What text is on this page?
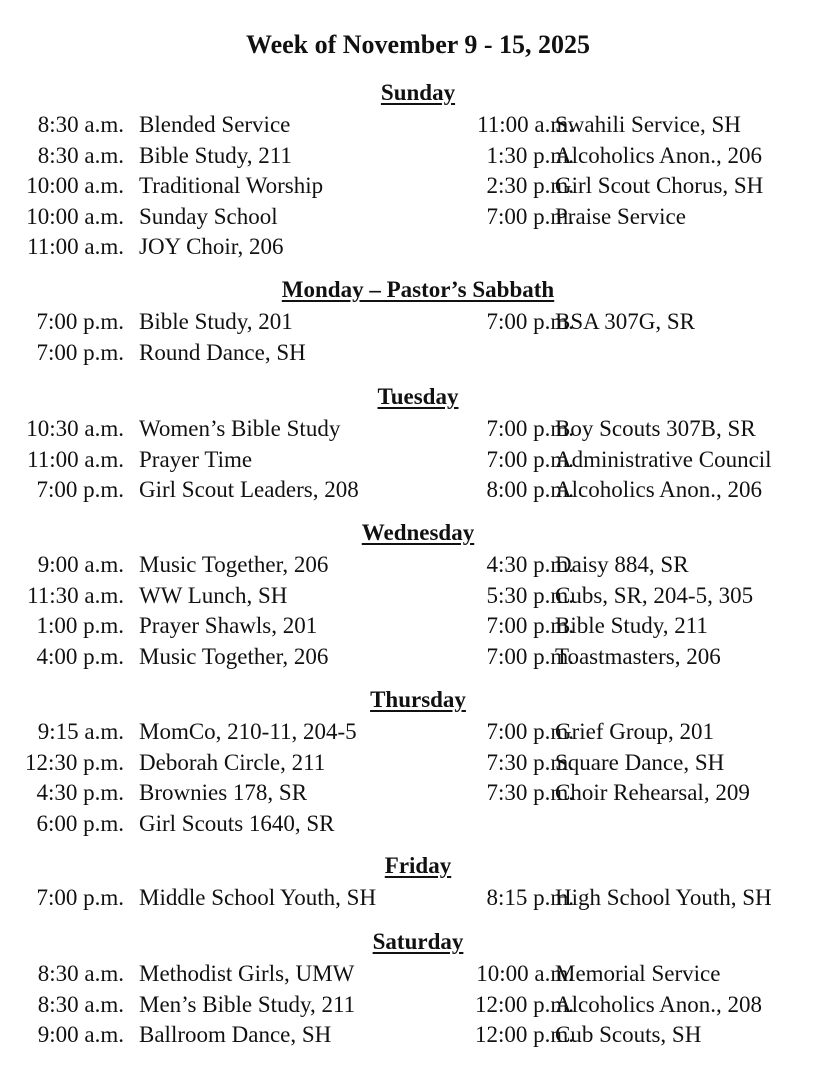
Week of November 9 - 15, 2025
Sunday
8:30 a.m. Blended Service
8:30 a.m. Bible Study, 211
10:00 a.m. Traditional Worship
10:00 a.m. Sunday School
11:00 a.m. JOY Choir, 206
11:00 a.m.
Swahili Service, SH
1:30 p.m.
Alcoholics Anon., 206
2:30 p.m.
Girl Scout Chorus, SH
7:00 p.m.
Praise Service
Monday – Pastor’s Sabbath
7:00 p.m. Bible Study, 201
7:00 p.m. Round Dance, SH
7:00 p.m.
BSA 307G, SR
Tuesday
10:30 a.m. Women’s Bible Study
11:00 a.m. Prayer Time
7:00 p.m. Girl Scout Leaders, 208
7:00 p.m.
Boy Scouts 307B, SR
7:00 p.m.
Administrative Council
8:00 p.m.
Alcoholics Anon., 206
Wednesday
9:00 a.m. Music Together, 206
11:30 a.m. WW Lunch, SH
1:00 p.m. Prayer Shawls, 201
4:00 p.m. Music Together, 206
4:30 p.m.
Daisy 884, SR
5:30 p.m.
Cubs, SR, 204-5, 305
7:00 p.m.
Bible Study, 211
7:00 p.m.
Toastmasters, 206
Thursday
9:15 a.m. MomCo, 210-11, 204-5
12:30 p.m. Deborah Circle, 211
4:30 p.m. Brownies 178, SR
6:00 p.m. Girl Scouts 1640, SR
7:00 p.m.
Grief Group, 201
7:30 p.m.
Square Dance, SH
7:30 p.m.
Choir Rehearsal, 209
Friday
7:00 p.m. Middle School Youth, SH	8:15 p.m.
High School Youth, SH
Saturday
8:30 a.m. Methodist Girls, UMW
8:30 a.m. Men’s Bible Study, 211
9:00 a.m. Ballroom Dance, SH
10:00 a.m.
Memorial Service
12:00 p.m.
Alcoholics Anon., 208
12:00 p.m.
Cub Scouts, SH
